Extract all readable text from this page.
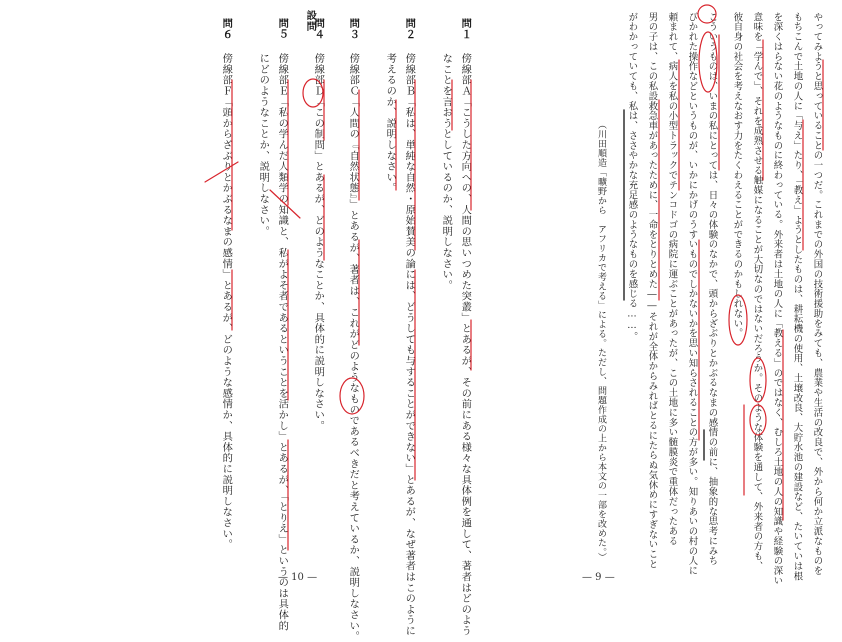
設問	問１
傍線部Ａ「こうした方向への、人間の思いつめた突叢」とあるが、その前にある様々な具体例を通して、著者はどのよう
なことを言おうとしているのか、説明しなさい。
問２
傍線部Ｂ「私は、単純な自然・原始賛美の論には、どうしても与することができない」とあるが、なぜ著者はこのように
考えるのか、説明しなさい。
問３
傍線部Ｃ「人間の『自然状態』」とあるが、著者は、これがどのようなものであるべきだと考えているか、説明しなさい。
問４
傍線部Ｄ「この制問」とあるが、どのようなことか、具体的に説明しなさい。
問５
傍線部Ｅ「私の学んだ人類学の知識と、私がよそ者であるということを活かし」とあるが、「とりえ」というのは具体的
にどのようなことか、説明しなさい。
問６
傍線部Ｆ「頭からざぶりとかぶるなまの感情」とあるが、どのような感情か、具体的に説明しなさい。
— 10 —
やってみようと思っていることの一つだ。これまでの外国の技術援助をみても、農業や生活の改良で、外から何か立派なものを
もちこんで土地の人に「与え」たり、「教え」ようとしたものは、耕耘機の使用、土壌改良、大貯水池の建設など、たいていは根
を深くはらない花のようなものに終わっている。外来者は土地の人に「教える」のではなく、むしろ土地の人の知識や経験の深い
意味を「学んで」、それを成熟させる触媒になることが大切なのではないだろうか。そのような体験を通して、外来者の方も、
彼自身の社会を考えなおす力をたくわえることができるのかもしれない。
こういうものは、いまの私にとっては、日々の体験のなかで、頭からざぶりとかぶるなまの感情の前に、抽象的な思考にみち
びかれた操作などというものが、いかにかげのうすいものでしかないかを思い知らされることの方が多い。知りあいの村の人に
頼まれて、病人を私の小型トラックでテンコドゴの病院に運ぶことがあったが、この土地に多い髄膜炎で重体だったある
男の子は、この私設救急車があったために、一命をとりとめた――それが全体からみればとるにたらぬ気休めにすぎないこと
がわかっていても、私は、ささやかな充足感のようなものを感じる……。
（川田順造「曠野から　アフリカで考える」による。ただし、問題作成の上から本文の一部を改めた。）
— 9 —
